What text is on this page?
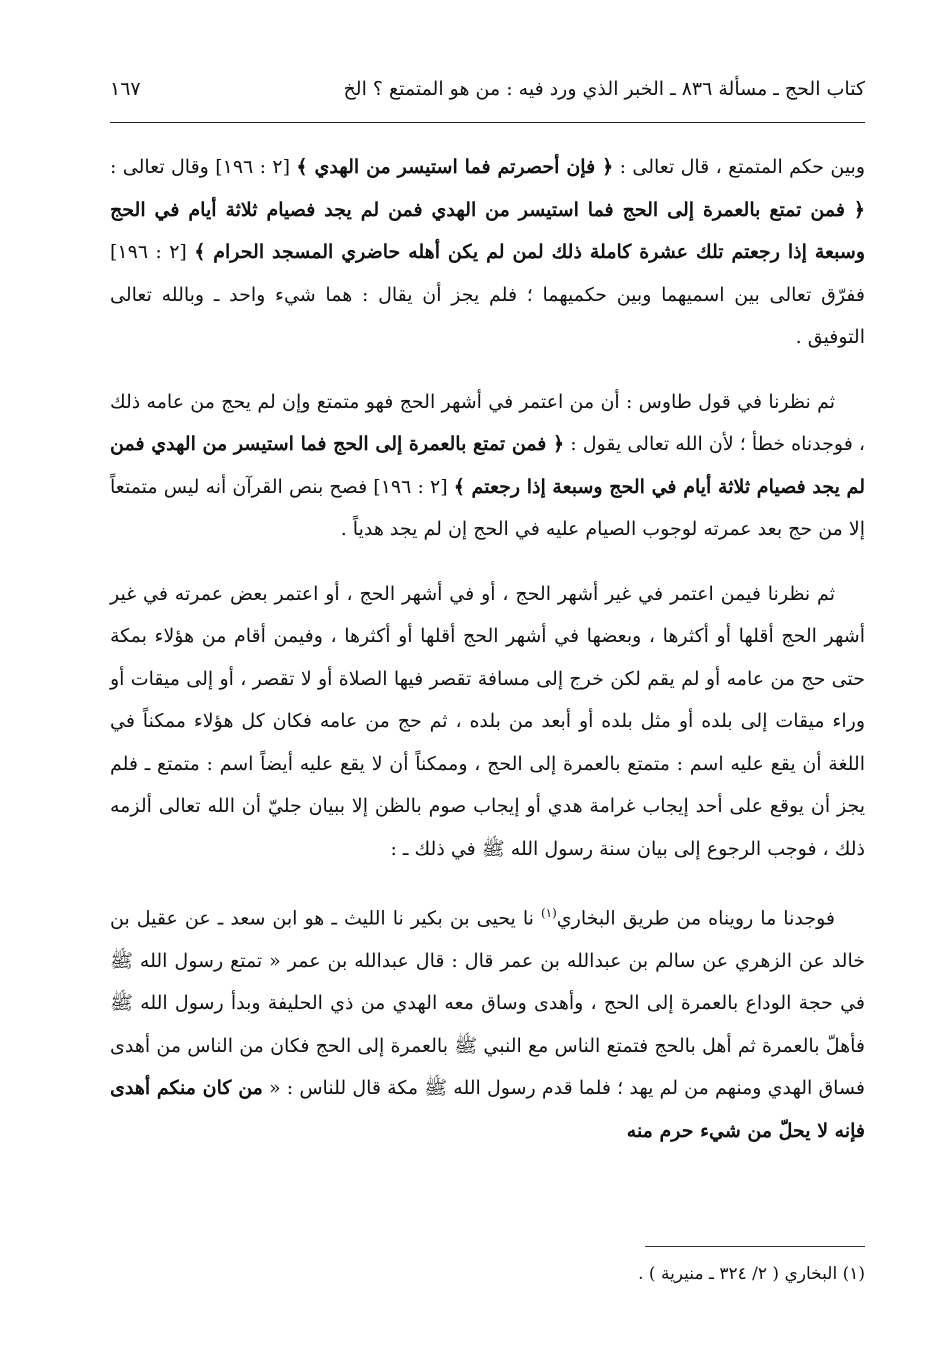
كتاب الحج ـ مسألة ٨٣٦ ـ الخبر الذي ورد فيه : من هو المتمتع ؟ الخ
١٦٧

وبين حكم المتمتع ، قال تعالى : ﴿ فإن أحصرتم فما استيسر من الهدي ﴾ [٢ : ١٩٦] وقال تعالى : ﴿ فمن تمتع بالعمرة إلى الحج فما استيسر من الهدي فمن لم يجد فصيام ثلاثة أيام في الحج وسبعة إذا رجعتم تلك عشرة كاملة ذلك لمن لم يكن أهله حاضري المسجد الحرام ﴾ [٢ : ١٩٦] ففرّق تعالى بين اسميهما وبين حكميهما ؛ فلم يجز أن يقال : هما شيء واحد ـ وبالله تعالى التوفيق .

ثم نظرنا في قول طاوس : أن من اعتمر في أشهر الحج فهو متمتع وإن لم يحج من عامه ذلك ، فوجدناه خطأ ؛ لأن الله تعالى يقول : ﴿ فمن تمتع بالعمرة إلى الحج فما استيسر من الهدي فمن لم يجد فصيام ثلاثة أيام في الحج وسبعة إذا رجعتم ﴾ [٢ : ١٩٦] فصح بنص القرآن أنه ليس متمتعاً إلا من حج بعد عمرته لوجوب الصيام عليه في الحج إن لم يجد هدياً .

ثم نظرنا فيمن اعتمر في غير أشهر الحج ، أو في أشهر الحج ، أو اعتمر بعض عمرته في غير أشهر الحج أقلها أو أكثرها ، وبعضها في أشهر الحج أقلها أو أكثرها ، وفيمن أقام من هؤلاء بمكة حتى حج من عامه أو لم يقم لكن خرج إلى مسافة تقصر فيها الصلاة أو لا تقصر ، أو إلى ميقات أو وراء ميقات إلى بلده أو مثل بلده أو أبعد من بلده ، ثم حج من عامه فكان كل هؤلاء ممكناً في اللغة أن يقع عليه اسم : متمتع بالعمرة إلى الحج ، وممكناً أن لا يقع عليه أيضاً اسم : متمتع ـ فلم يجز أن يوقع على أحد إيجاب غرامة هدي أو إيجاب صوم بالظن إلا ببيان جليّ أن الله تعالى ألزمه ذلك ، فوجب الرجوع إلى بيان سنة رسول الله ﷺ في ذلك ـ :

فوجدنا ما رويناه من طريق البخاري$^{(١)}$ نا يحيى بن بكير نا الليث ـ هو ابن سعد ـ عن عقيل بن خالد عن الزهري عن سالم بن عبدالله بن عمر قال : قال عبدالله بن عمر « تمتع رسول الله ﷺ في حجة الوداع بالعمرة إلى الحج ، وأهدى وساق معه الهدي من ذي الحليفة وبدأ رسول الله ﷺ فأهلّ بالعمرة ثم أهل بالحج فتمتع الناس مع النبي ﷺ بالعمرة إلى الحج فكان من الناس من أهدى فساق الهدي ومنهم من لم يهد ؛ فلما قدم رسول الله ﷺ مكة قال للناس : « من كان منكم أهدى فإنه لا يحلّ من شيء حرم منه

(١) البخاري ( ٢/ ٣٢٤ ـ منيرية ) .
